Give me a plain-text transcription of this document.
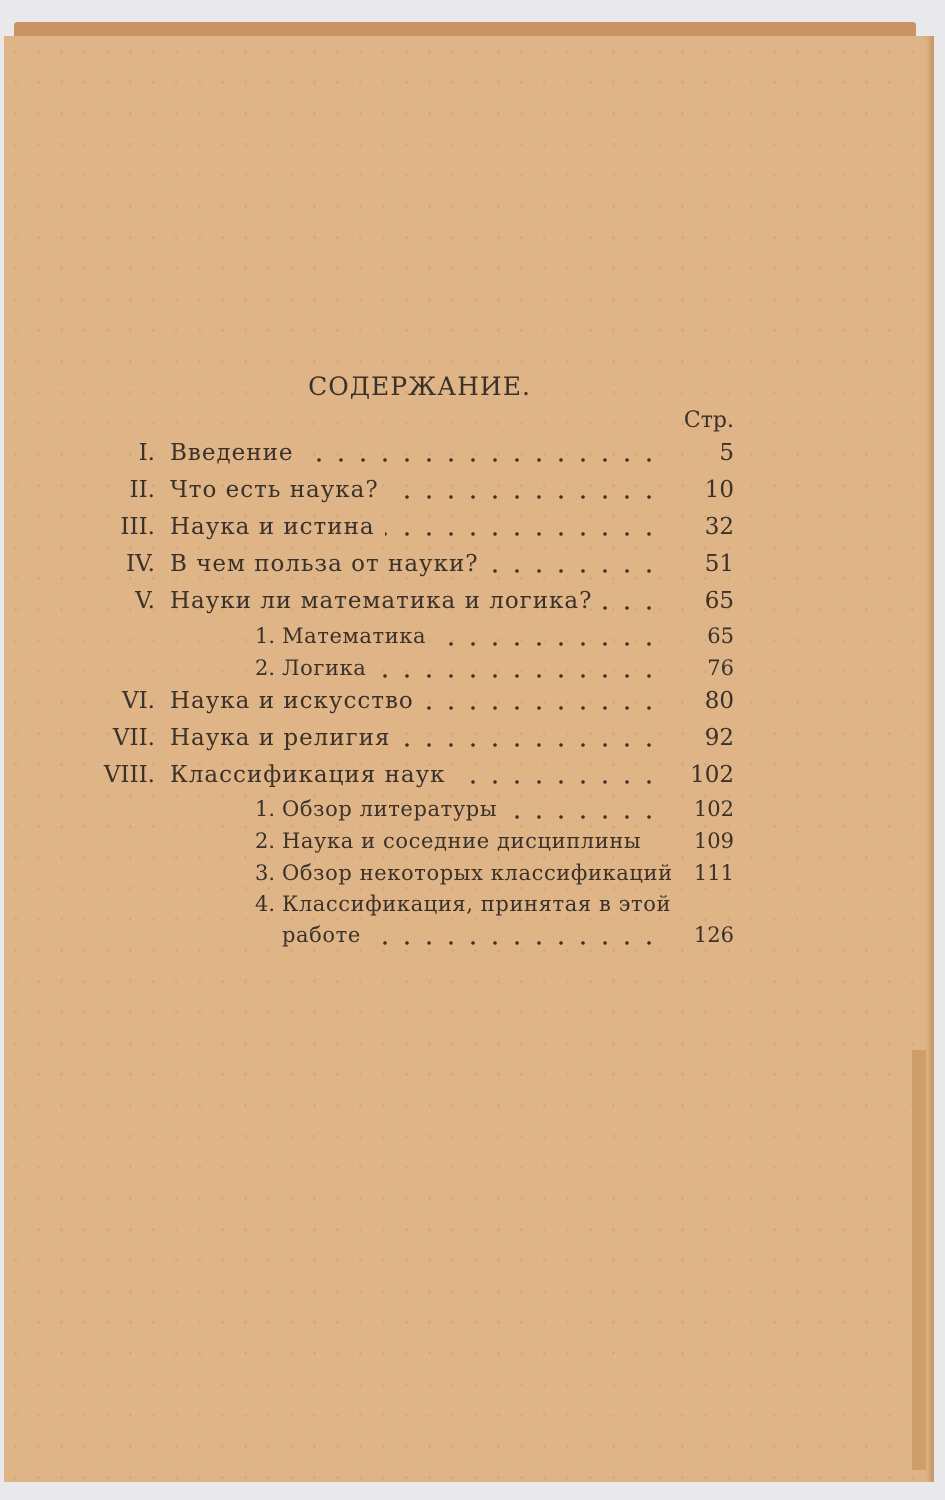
СОДЕРЖАНИЕ.
Стр.
I. Введение	5
II. Что есть наука?	10
III. Наука и истина	32
IV. В чем польза от науки?	51
V. Науки ли математика и логика?	65
1. Математика	65
2. Логика	76
VI. Наука и искусство	80
VII. Наука и религия	92
VIII. Классификация наук	102
1. Обзор литературы	102
2. Наука и соседние дисциплины	109
3. Обзор некоторых классификаций 111
4. Классификация, принятая в этой
работе	126
